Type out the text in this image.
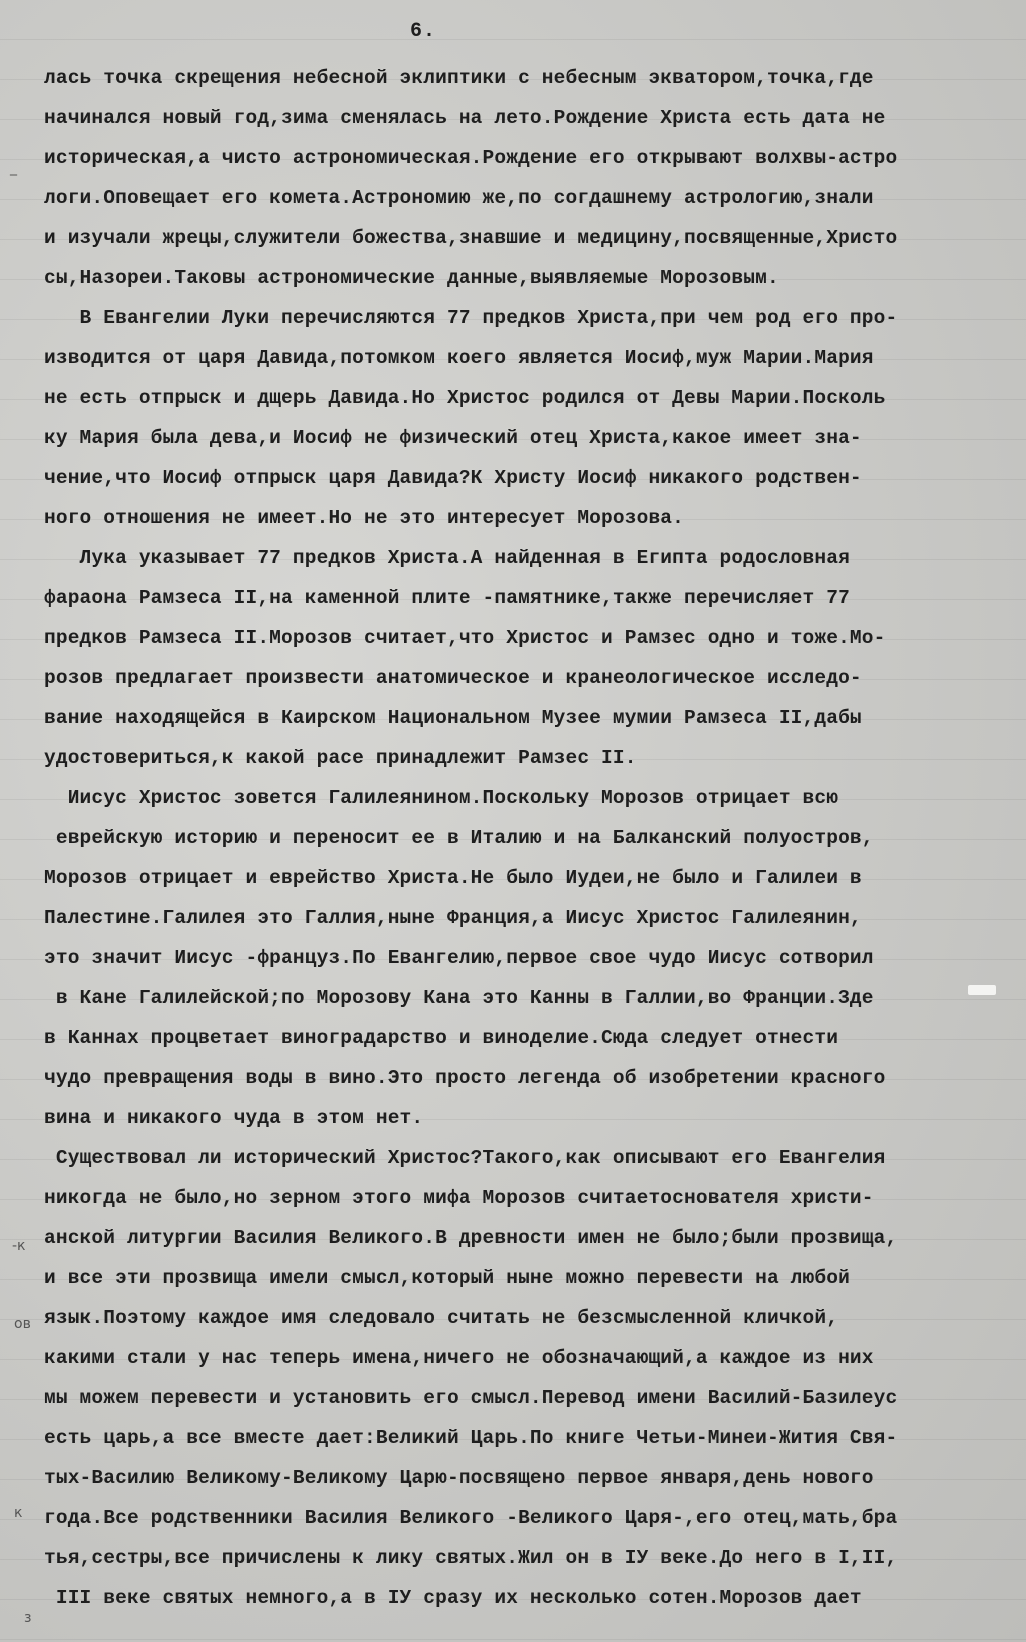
6.
_
-к
ов
к
з
лась точка скрещения небесной эклиптики с небесным экватором,точка,где
начинался новый год,зима сменялась на лето.Рождение Христа есть дата не
историческая,а чисто астрономическая.Рождение его открывают волхвы-астро
логи.Оповещает его комета.Астрономию же,по согдашнему астрологию,знали
и изучали жрецы,служители божества,знавшие и медицину,посвященные,Христо
сы,Назореи.Таковы астрономические данные,выявляемые Морозовым.
В Евангелии Луки перечисляются 77 предков Христа,при чем род его про-
изводится от царя Давида,потомком коего является Иосиф,муж Марии.Мария
не есть отпрыск и дщерь Давида.Но Христос родился от Девы Марии.Посколь
ку Мария была дева,и Иосиф не физический отец Христа,какое имеет зна-
чение,что Иосиф отпрыск царя Давида?К Христу Иосиф никакого родствен-
ного отношения не имеет.Но не это интересует Морозова.
Лука указывает 77 предков Христа.А найденная в Египта родословная
фараона Рамзеса II,на каменной плите -памятнике,также перечисляет 77
предков Рамзеса II.Морозов считает,что Христос и Рамзес одно и тоже.Мо-
розов предлагает произвести анатомическое и кранеологическое исследо-
вание находящейся в Каирском Национальном Музее мумии Рамзеса II,дабы
удостовериться,к какой расе принадлежит Рамзес II.
Иисус Христос зовется Галилеянином.Поскольку Морозов отрицает всю
еврейскую историю и переносит ее в Италию и на Балканский полуостров,
Морозов отрицает и еврейство Христа.Не было Иудеи,не было и Галилеи в
Палестине.Галилея это Галлия,ныне Франция,а Иисус Христос Галилеянин,
это значит Иисус -француз.По Евангелию,первое свое чудо Иисус сотворил
в Кане Галилейской;по Морозову Кана это Канны в Галлии,во Франции.Зде
в Каннах процветает виноградарство и виноделие.Сюда следует отнести
чудо превращения воды в вино.Это просто легенда об изобретении красного
вина и никакого чуда в этом нет.
Существовал ли исторический Христос?Такого,как описывают его Евангелия
никогда не было,но зерном этого мифа Морозов считаетоснователя христи-
анской литургии Василия Великого.В древности имен не было;были прозвища,
и все эти прозвища имели смысл,который ныне можно перевести на любой
язык.Поэтому каждое имя следовало считать не безсмысленной кличкой,
какими стали у нас теперь имена,ничего не обозначающий,а каждое из них
мы можем перевести и установить его смысл.Перевод имени Василий-Базилеус
есть царь,а все вместе дает:Великий Царь.По книге Четьи-Минеи-Жития Свя-
тых-Василию Великому-Великому Царю-посвящено первое января,день нового
года.Все родственники Василия Великого -Великого Царя-,его отец,мать,бра
тья,сестры,все причислены к лику святых.Жил он в IУ веке.До него в I,II,
III веке святых немного,а в IУ сразу их несколько сотен.Морозов дает
